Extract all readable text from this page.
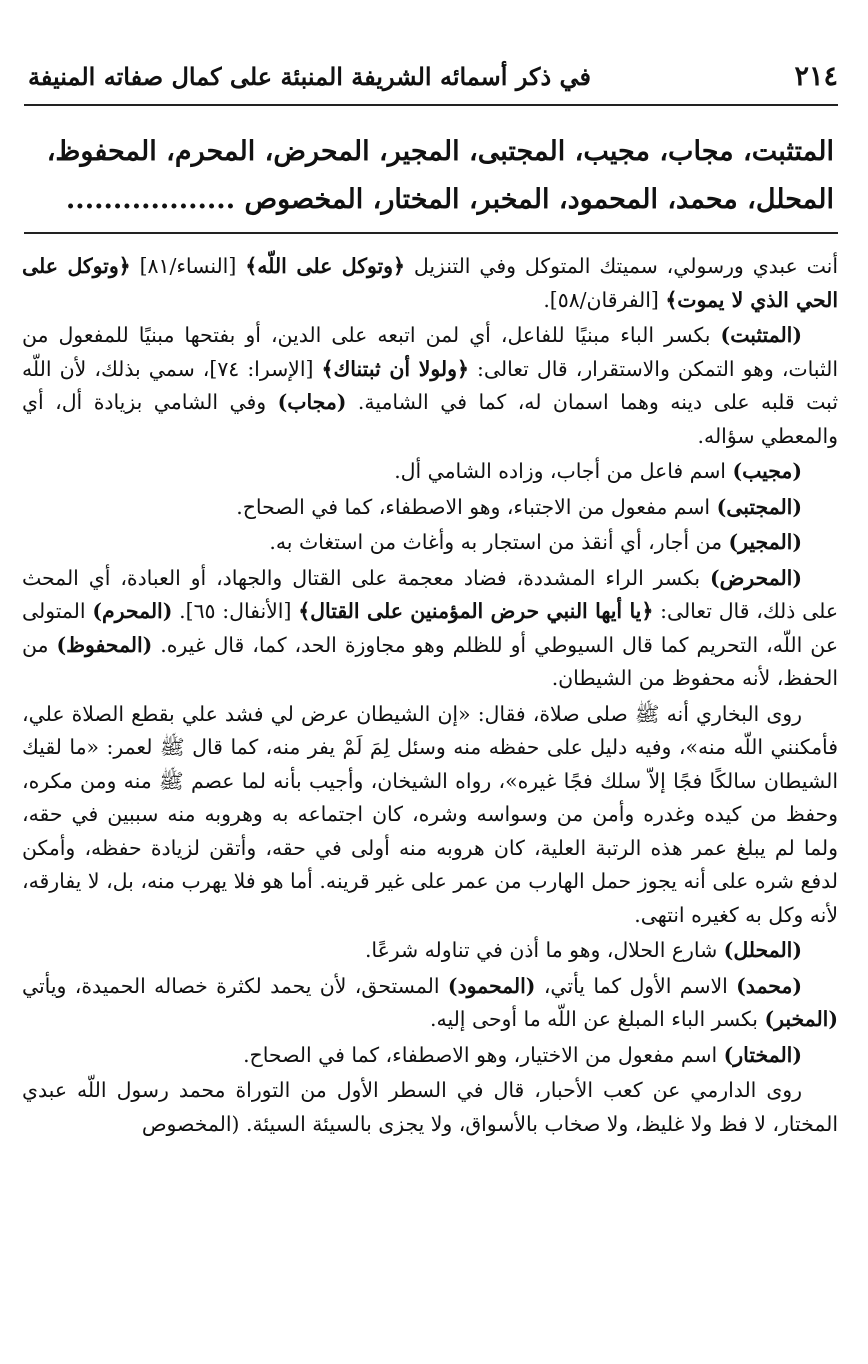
٢١٤
في ذكر أسمائه الشريفة المنبئة على كمال صفاته المنيفة
المتثبت، مجاب، مجيب، المجتبى، المجير، المحرض، المحرم، المحفوظ،
المحلل، محمد، المحمود، المخبر، المختار، المخصوص ..................

أنت عبدي ورسولي، سميتك المتوكل وفي التنزيل ﴿وتوكل على اللّه﴾ [النساء/٨١] ﴿وتوكل على الحي الذي لا يموت﴾ [الفرقان/٥٨].

(المتثبت) بكسر الباء مبنيًا للفاعل، أي لمن اتبعه على الدين، أو بفتحها مبنيًا للمفعول من الثبات، وهو التمكن والاستقرار، قال تعالى: ﴿ولولا أن ثبتناك﴾ [الإسرا: ٧٤]، سمي بذلك، لأن اللّه ثبت قلبه على دينه وهما اسمان له، كما في الشامية. (مجاب) وفي الشامي بزيادة أل، أي والمعطي سؤاله.

(مجيب) اسم فاعل من أجاب، وزاده الشامي أل.

(المجتبى) اسم مفعول من الاجتباء، وهو الاصطفاء، كما في الصحاح.

(المجير) من أجار، أي أنقذ من استجار به وأغاث من استغاث به.

(المحرض) بكسر الراء المشددة، فضاد معجمة على القتال والجهاد، أو العبادة، أي المحث على ذلك، قال تعالى: ﴿يا أيها النبي حرض المؤمنين على القتال﴾ [الأنفال: ٦٥]. (المحرم) المتولى عن اللّه، التحريم كما قال السيوطي أو للظلم وهو مجاوزة الحد، كما، قال غيره. (المحفوظ) من الحفظ، لأنه محفوظ من الشيطان.

روى البخاري أنه ﷺ صلى صلاة، فقال: «إن الشيطان عرض لي فشد علي بقطع الصلاة علي، فأمكنني اللّه منه»، وفيه دليل على حفظه منه وسئل لِمَ لَمْ يفر منه، كما قال ﷺ لعمر: «ما لقيك الشيطان سالكًا فجًا إلاّ سلك فجًا غيره»، رواه الشيخان، وأجيب بأنه لما عصم ﷺ منه ومن مكره، وحفظ من كيده وغدره وأمن من وسواسه وشره، كان اجتماعه به وهروبه منه سببين في حقه، ولما لم يبلغ عمر هذه الرتبة العلية، كان هروبه منه أولى في حقه، وأتقن لزيادة حفظه، وأمكن لدفع شره على أنه يجوز حمل الهارب من عمر على غير قرينه. أما هو فلا يهرب منه، بل، لا يفارقه، لأنه وكل به كغيره انتهى.

(المحلل) شارع الحلال، وهو ما أذن في تناوله شرعًا.

(محمد) الاسم الأول كما يأتي، (المحمود) المستحق، لأن يحمد لكثرة خصاله الحميدة، ويأتي (المخبر) بكسر الباء المبلغ عن اللّه ما أوحى إليه.

(المختار) اسم مفعول من الاختيار، وهو الاصطفاء، كما في الصحاح.

روى الدارمي عن كعب الأحبار، قال في السطر الأول من التوراة محمد رسول اللّه عبدي المختار، لا فظ ولا غليظ، ولا صخاب بالأسواق، ولا يجزى بالسيئة السيئة. (المخصوص
